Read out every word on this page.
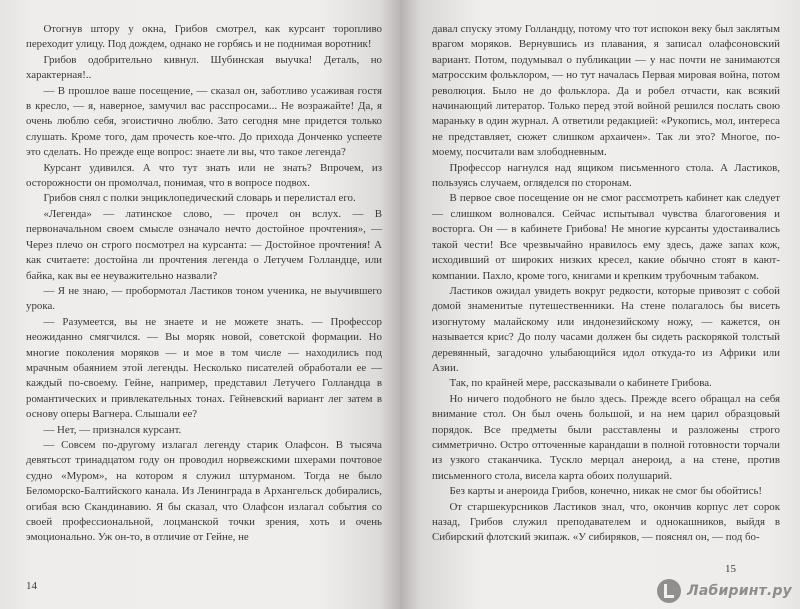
Отогнув штору у окна, Грибов смотрел, как курсант торопливо переходит улицу. Под дождем, однако не горбясь и не поднимая воротник!

Грибов одобрительно кивнул. Шубинская выучка! Деталь, но характерная!..

— В прошлое ваше посещение, — сказал он, заботливо усаживая гостя в кресло, — я, наверное, замучил вас расспросами... Не возражайте! Да, я очень люблю себя, эгоистично люблю. Зато сегодня мне придется только слушать. Кроме того, дам прочесть кое-что. До прихода Донченко успеете это сделать. Но прежде еще вопрос: знаете ли вы, что такое легенда?

Курсант удивился. А что тут знать или не знать? Впрочем, из осторожности он промолчал, понимая, что в вопросе подвох.

Грибов снял с полки энциклопедический словарь и перелистал его.

«Легенда» — латинское слово, — прочел он вслух. — В первоначальном своем смысле означало нечто достойное прочтения», — Через плечо он строго посмотрел на курсанта: — Достойное прочтения! А как считаете: достойна ли прочтения легенда о Летучем Голландце, или байка, как вы ее неуважительно назвали?

— Я не знаю, — пробормотал Ластиков тоном ученика, не выучившего урока.

— Разумеется, вы не знаете и не можете знать. — Профессор неожиданно смягчился. — Вы моряк новой, советской формации. Но многие поколения моряков — и мое в том числе — находились под мрачным обаянием этой легенды. Несколько писателей обработали ее — каждый по-своему. Гейне, например, представил Летучего Голландца в романтических и привлекательных тонах. Гейневский вариант лег затем в основу оперы Вагнера. Слышали ее?

— Нет, — признался курсант.

— Совсем по-другому излагал легенду старик Олафсон. В тысяча девятьсот тринадцатом году он проводил норвежскими шхерами почтовое судно «Муром», на котором я служил штурманом. Тогда не было Беломорско-Балтийского канала. Из Ленинграда в Архангельск добирались, огибая всю Скандинавию. Я бы сказал, что Олафсон излагал события со своей профессиональной, лоцманской точки зрения, хоть и очень эмоционально. Уж он-то, в отличие от Гейне, не

14

давал спуску этому Голландцу, потому что тот испокон веку был заклятым врагом моряков. Вернувшись из плавания, я записал олафсоновский вариант. Потом, подумывал о публикации — у нас почти не занимаются матросским фольклором, — но тут началась Первая мировая война, потом революция. Было не до фольклора. Да и робел отчасти, как всякий начинающий литератор. Только перед этой войной решился послать свою мараньку в один журнал. А ответили редакцией: «Рукопись, мол, интереса не представляет, сюжет слишком архаичен». Так ли это? Многое, по-моему, посчитали вам злободневным.

Профессор нагнулся над ящиком письменного стола. А Ластиков, пользуясь случаем, огляделся по сторонам.

В первое свое посещение он не смог рассмотреть кабинет как следует — слишком волновался. Сейчас испытывал чувства благоговения и восторга. Он — в кабинете Грибова! Не многие курсанты удостаивались такой чести! Все чрезвычайно нравилось ему здесь, даже запах кож, исходивший от широких низких кресел, какие обычно стоят в кают-компании. Пахло, кроме того, книгами и крепким трубочным табаком.

Ластиков ожидал увидеть вокруг редкости, которые привозят с собой домой знаменитые путешественники. На стене полагалось бы висеть изогнутому малайскому или индонезийскому ножу, — кажется, он называется крис? До полу часами должен бы сидеть раскорякой толстый деревянный, загадочно улыбающийся идол откуда-то из Африки или Азии.

Так, по крайней мере, рассказывали о кабинете Грибова.

Но ничего подобного не было здесь. Прежде всего обращал на себя внимание стол. Он был очень большой, и на нем царил образцовый порядок. Все предметы были расставлены и разложены строго симметрично. Остро отточенные карандаши в полной готовности торчали из узкого стаканчика. Тускло мерцал анероид, а на стене, против письменного стола, висела карта обоих полушарий.

Без карты и анероида Грибов, конечно, никак не смог бы обойтись!

От старшекурсников Ластиков знал, что, окончив корпус лет сорок назад, Грибов служил преподавателем и однокашников, выйдя в Сибирский флотский экипаж. «У сибиряков, — пояснял он, — под бо-

15
Лабиринт.ру
